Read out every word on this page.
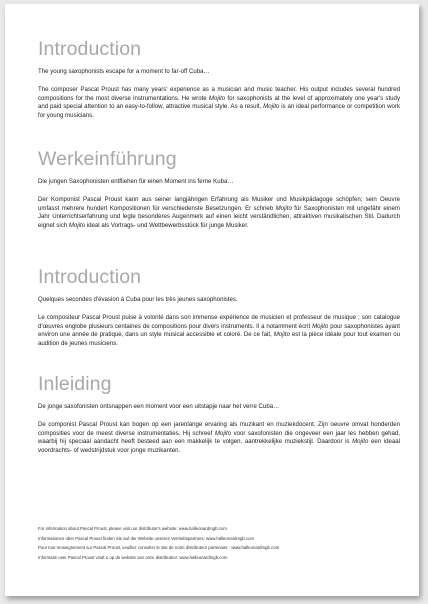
Introduction

The young saxophonists escape for a moment to far-off Cuba…

The composer Pascal Proust has many years' experience as a musician and music teacher. His output includes several hundred compositions for the most diverse instrumentations. He wrote Mojito for saxophonists at the level of approximately one year's study and paid special attention to an easy-to-follow, attractive musical style. As a result, Mojito is an ideal performance or competition work for young musicians.

Werkeinführung

Die jungen Saxophonisten entfliehen für einen Moment ins ferne Kuba…

Der Komponist Pascal Proust kann aus seiner langjährigen Erfahrung als Musiker und Musikpädagoge schöpfen; sein Oeuvre umfasst mehrere hundert Kompositionen für verschiedenste Besetzungen. Er schrieb Mojito für Saxophonisten mit ungefähr einem Jahr Unterrichtserfahrung und legte besonderes Augenmerk auf einen leicht verständlichen, attraktiven musikalischen Stil. Dadurch eignet sich Mojito ideal als Vortrags- und Wettbewerbsstück für junge Musiker.

Introduction

Quelques secondes d'évasion à Cuba pour les très jeunes saxophonistes.

Le compositeur Pascal Proust puise à volonté dans son immense expérience de musicien et professeur de musique ; son catalogue d'œuvres englobe plusieurs centaines de compositions pour divers instruments. Il a notamment écrit Mojito pour saxophonistes ayant environ une année de pratique, dans un style musical accessible et coloré. De ce fait, Mojito est la pièce idéale pour tout examen ou audition de jeunes musiciens.

Inleiding

De jonge saxofonisten ontsnappen een moment voor een uitstapje naar het verre Cuba…

De componist Pascal Proust kan bogen op een jarenlange ervaring als muzikant en muziekdocent. Zijn oeuvre omvat honderden composities voor de meest diverse instrumentaties. Hij schreef Mojito voor saxofonisten die ongeveer een jaar les hebben gehad, waarbij hij speciaal aandacht heeft besteed aan een makkelijk te volgen, aantrekkelijke muziekstijl. Daardoor is Mojito een ideaal voordrachts- of wedstrijdstuk voor jonge muzikanten.

For information about Pascal Proust, please visit our distributor's website: www.halleonardmgb.com
Informationen über Pascal Proust finden Sie auf der Website unseres Vertriebspartners: www.halleonardmgb.com
Pour tout renseignement sur Pascal Proust, veuillez consulter le site de notre distributeur partenaire : www.halleonardmgb.com
Informatie over Pascal Proust vindt u op de website van onze distributeur: www.halleonardmgb.com
